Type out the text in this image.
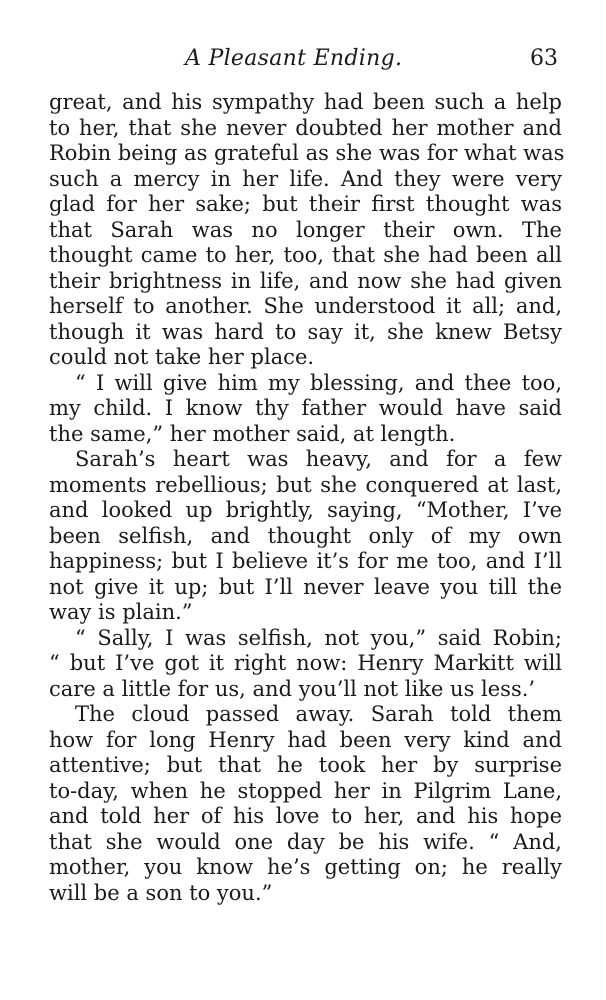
A Pleasant Ending.	63
great, and his sympathy had been such a help
to her, that she never doubted her mother and
Robin being as grateful as she was for what was
such a mercy in her life. And they were very
glad for her sake; but their first thought was
that Sarah was no longer their own. The
thought came to her, too, that she had been all
their brightness in life, and now she had given
herself to another. She understood it all; and,
though it was hard to say it, she knew Betsy
could not take her place.
“ I will give him my blessing, and thee too,
my child. I know thy father would have said
the same,” her mother said, at length.
Sarah’s heart was heavy, and for a few
moments rebellious; but she conquered at last,
and looked up brightly, saying, “Mother, I’ve
been selfish, and thought only of my own
happiness; but I believe it’s for me too, and I’ll
not give it up; but I’ll never leave you till the
way is plain.”
“ Sally, I was selfish, not you,” said Robin;
“ but I’ve got it right now: Henry Markitt will
care a little for us, and you’ll not like us less.’
The cloud passed away. Sarah told them
how for long Henry had been very kind and
attentive; but that he took her by surprise
to-day, when he stopped her in Pilgrim Lane,
and told her of his love to her, and his hope
that she would one day be his wife. “ And,
mother, you know he’s getting on; he really
will be a son to you.”
